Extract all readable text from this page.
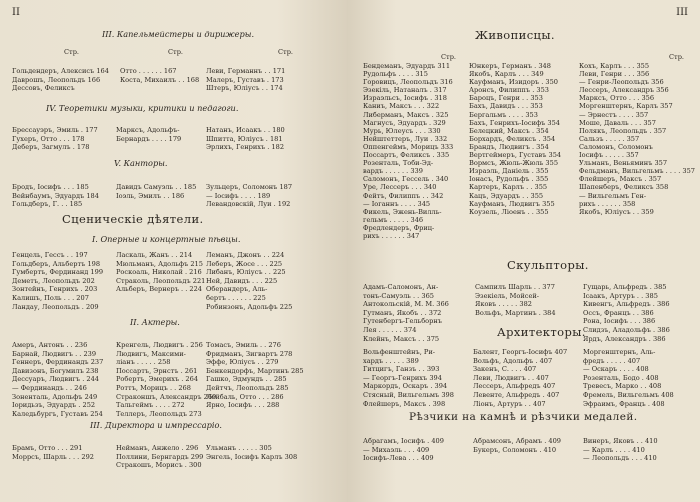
II
III. Капельмейстеры и дирижеры.
Стр.	Стр.	Стр.
Гольдендеръ, Алексисъ 164
Даврошъ, Леопольдъ 166
Дессовъ, Феликсъ
Отто . . . . . . 167
Коста, Михаилъ . . 168
Леви, Германнъ . . 171
Малеръ, Густавъ . 173
Штеръ, Юліусъ . . 174
IV. Теоретики музыки, критики и педагоги.
Брессауэръ, Эмиль . 177
Гухеръ, Отто . . . 178
Деберъ, Загмулъ . 178
Марксъ, Адольфъ-
Бернардъ . . . . 179
Натанъ, Исаакъ . . 180
Шпитта, Юліусъ . 181
Эрлихъ, Генрихъ . 182
V. Канторы.
Бродъ, Іосифъ . . . 185
Вейнбаумъ, Эдуардъ 184
Гольдберъ, Г. . . 185
Давидъ Самуэль . . 185
Іоэль, Эмилъ . . 186
Зульцеръ, Соломонъ 187
— Іосифъ . . . . 189
Левандовскій, Луи . 192
Сценическіе дѣятели.
I. Оперные и концертные пѣвцы.
Генцель, Гессъ . . 197
Гольдберъ, Альбертъ 198
Гумбертъ, Фердинанд 199
Деметъ, Леопольдъ 202
Зонтейнъ, Генрихъ . 203
Калишъ, Поль . . . 207
Ландау, Леопольдъ . 209
Ласкаль, Жанъ . . 214
Мюльманъ, Адольфъ 215
Роскоаль, Николай . 216
Страколь, Леопольдъ 221
Альберъ, Вернеръ . . 224
Леманъ, Джонъ . . 224
Леберъ, Жосе . . . 225
Либанъ, Юліусъ . . 225
Ней, Давидъ . . . 225
Оберандеръ, Аль-
бертъ . . . . . . 225
Робинзонъ, Адольфъ 225
II. Актеры.
Амеръ, Антонъ . . 236
Барнай, Людвигъ . . 239
Геннеръ, Фердинандъ 237
Давизонъ, Богумилъ 238
Дессуаръ, Людвигъ . 244
— Фердинандъ . . 246
Зоненталь, Адольфъ 249
Іоридьзъ, Эдуардъ . 252
Каледьбургъ, Густавъ 254
Кренгель, Людвигъ . 256
Людвигъ, Максими-
ліанъ . . . . . 258
Поссартъ, Эрнстъ . 261
Робертъ, Эмерихъ . 264
Роттъ, Морицъ . . 268
Страконшъ, Александръ 269
Тальгеймъ . . . . 272
Теллеръ, Леопольдъ 273
Томасъ, Эмиль . . 276
Фридманъ, Зигвартъ 278
Эффе, Юліусъ . . 279
Бенкендорфъ, Мартинъ 285
Гашко, Эдмундъ . . 285
Дейтчъ, Леопольдъ 285
Лейбаль, Отто . . . 286
Ярно, Іосифъ . . . 288
III. Директора и импрессаріо.
Брамъ, Отто . . . 291
Моррсъ, Шарль . . . 292
Нейманъ, Анжело . 296
Поллини, Бернгардъ 299
Стракошъ, Морисъ . 300
Ульманъ . . . . . 305
Энгель, Іосифъ Карлъ 308
III
Живописцы.
Стр.	Стр.
Бендеманъ, Эдуардъ 311
Рудольфъ . . . . 315
Горовицъ, Леопольдъ 316
Эзекіль, Натаналъ . 317
Израэльсъ, Іосифъ . 318
Каниъ, Максъ . . . 322
Либерманъ, Максъ . 325
Магнусъ, Эдуардъ . 329
Мурь, Юлеусъ . . . 330
Нейштеттеръ, Луи . 332
Оппенгеймъ, Морицъ 333
Поссартъ, Феликсъ . 335
Розенталь, Тоби-Эд-
вардъ . . . . . . 339
Саломонъ, Гессель . 340
Уре, Лессеръ . . . 340
Фейтъ, Филиппъ . . 342
— Іоганнъ . . . . 345
Фикель, Эжень-Вилль-
гельмъ . . . . . 346
Фредлендеръ, Фриц-
рихъ . . . . . . 347
Юнкеръ, Германъ . 348
Якобъ, Карлъ . . . 349
Кауфманъ, Изидоръ . 350
Аронсъ, Филиппъ . 353
Бароцъ, Генри . . 353
Бахъ, Давидъ . . . 353
Бергальмъ . . . . 353
Бахъ, Генрихъ-Іосифъ 354
Белецкий, Максъ . 354
Борхардъ, Феликсъ . 354
Брандъ, Людвигъ . 354
Вертгеймеръ, Густавъ 354
Вормсъ, Жюль-Жюль 355
Израэль, Даніель . 355
Іонасъ, Рудольфъ . 355
Картеръ, Карлъ . . 355
Кацъ, Эдуардъ . . 355
Кауфманъ, Людвигъ 355
Коузель, Ліоенъ . . 355
Кохъ, Карлъ . . . 355
Леви, Генри . . . 356
— Генри-Леопольдъ 356
Лессеръ, Александръ 356
Марксъ, Отто . . . 356
Моргенштернъ, Карлъ 357
— Эрнестъ . . . . 357
Моше, Даваль . . . 357
Полякъ, Леопольдъ . 357
Сальзъ . . . . . 357
Саломонъ, Соломонъ
Іосифъ . . . . . 357
Ульманъ, Веньяминъ 357
Фельдманъ, Вильгельмъ . . . . 357
Флейшеръ, Максъ . 357
Шапенберъ, Феликсъ 358
— Вильгельмъ Ген-
рихъ . . . . . . 358
Якобъ, Юліусъ . . 359
Скульпторы.
Адамъ-Саломонъ, Ан-
тонъ-Самуэль . . 365
Антокольскій, М. М. 366
Гутманъ, Якобъ . . 372
Гутенбергъ-Гельборнъ
Лея . . . . . . 374
Клейнъ, Максъ . . 375
Сампилъ Шарль . . 377
Эзекіель, Мойсей-
Яковъ . . . . . 382
Вольфъ, Мартинъ . 384
Гущарь, Альфредъ . 385
Ісаакъ, Артуръ . . 385
Кивенгъ, Альфредъ . 386
Оссъ, Францъ . . 386
Рона, Іосифъ . . . 386
Слидзъ, Аладольфъ . 386
Ярдъ, Александръ . 386
Архитекторы.
Вольфенштейнъ, Ри-
хардъ . . . . . 389
Гитцигъ, Ганзъ . . 393
— Георгъ-Генрихъ 394
Маркордъ, Оскаръ . 394
Стясный, Вильгельмъ 398
Флейшеръ, Максъ . 398
Балент, Георгъ-Іосифъ 407
Вольфъ, Адольфъ . 407
Закенъ, С. . . . 407
Леви, Людвигъ . . 407
Лессеръ, Альфредъ 407
Левенте, Альфредъ . 407
Ліонъ, Артуръ . . 407
Моргенштернъ, Аль-
фредъ . . . . . 407
— Оскаръ . . . . 408
Розенталь, Бодо . 408
Тревесъ, Марко . . 408
Фремель, Вильгельмъ 408
Эфраимъ, Францъ . 408
Рѣзчики на камнѣ и рѣзчики медалей.
Абрагамъ, Іосифъ . 409
— Михаэль . . . 409
Іосифъ-Лева . . . 409
Абрамсонъ, Абрамъ . 409
Букеръ, Соломонъ . 410
Винеръ, Яковъ . . 410
— Карлъ . . . . 410
— Леопольдъ . . . 410
